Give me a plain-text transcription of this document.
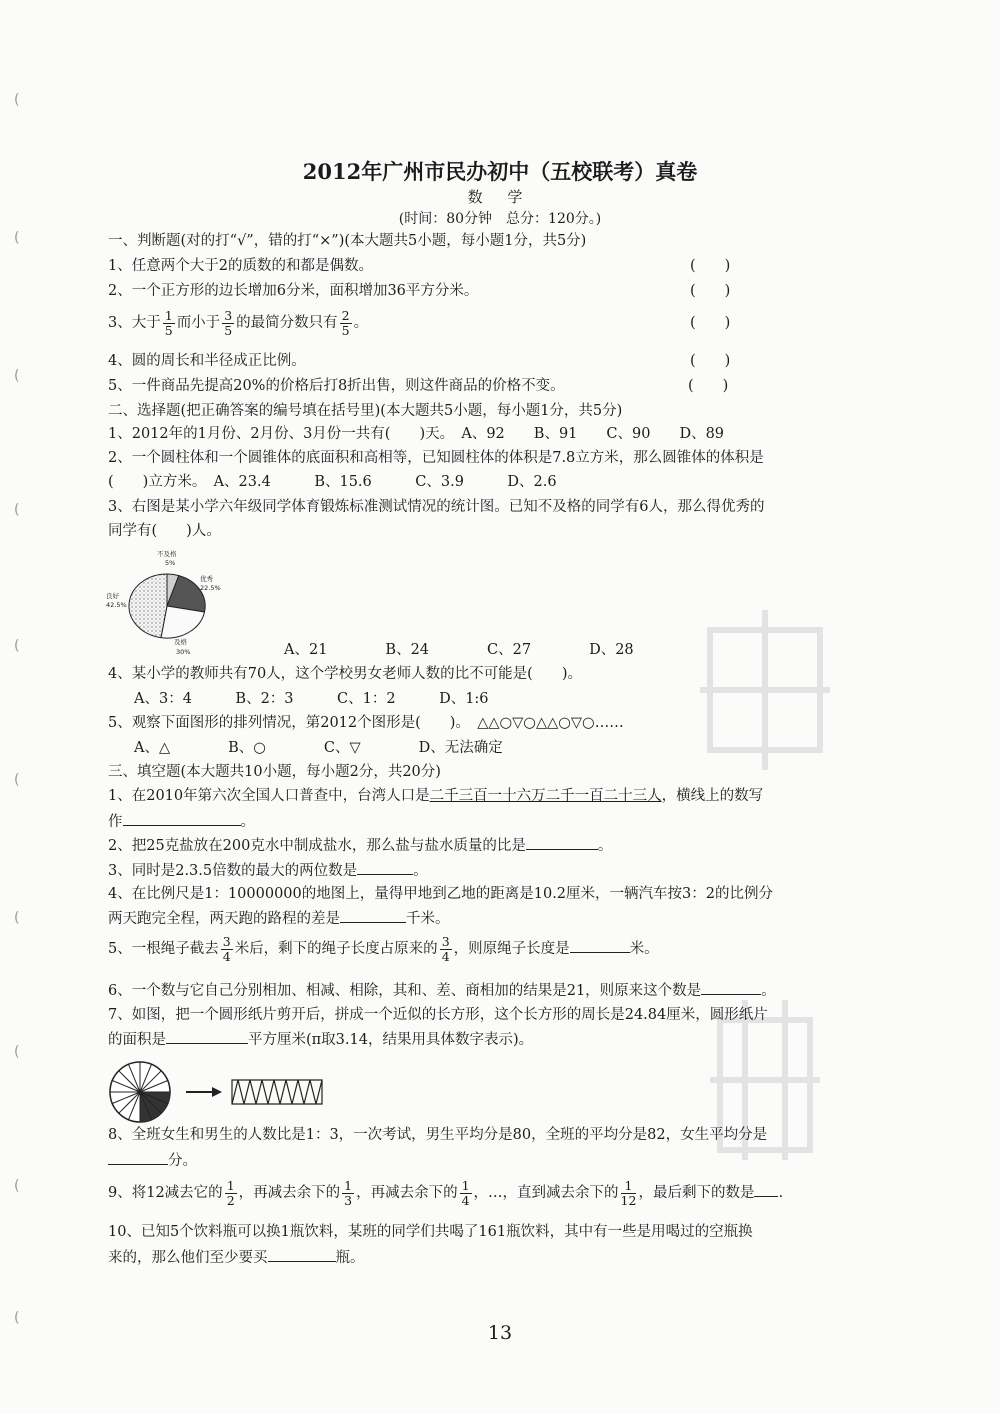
(
(
(
(
(
(
(
(
(
(
2012年广州市民办初中（五校联考）真卷
数 学
(时间：80分钟　总分：120分。)
一、判断题(对的打“√”，错的打“×”)(本大题共5小题，每小题1分，共5分)
1、任意两个大于2的质数的和都是偶数。	(　　)
2、一个正方形的边长增加6分米，面积增加36平方分米。	(　　)
3、大于 $\frac{1}{5}$ 而小于 $\frac{3}{5}$ 的最简分数只有 $\frac{2}{5}$ 。	(　　)
4、圆的周长和半径成正比例。	(　　)
5、一件商品先提高20%的价格后打8折出售，则这件商品的价格不变。	(　　)
二、选择题(把正确答案的编号填在括号里)(本大题共5小题，每小题1分，共5分)
1、2012年的1月份、2月份、3月份一共有(　　)天。　A、92　　B、91　　C、90　　D、89
2、一个圆柱体和一个圆锥体的底面积和高相等，已知圆柱体的体积是7.8立方米，那么圆锥体的体积是
(　　)立方米。　A、23.4　　　B、15.6　　　C、3.9　　　D、2.6
3、右图是某小学六年级同学体育锻炼标准测试情况的统计图。已知不及格的同学有6人，那么得优秀的
同学有(　　)人。
不及格
5%
优秀
22.5%
良好
42.5%
及格
30%	A、21　　　　B、24　　　　C、27　　　　D、28
4、某小学的教师共有70人，这个学校男女老师人数的比不可能是(　　)。
A、3：4　　　B、2：3　　　C、1：2　　　D、1:6
5、观察下面图形的排列情况，第2012个图形是(　　)。　△△○▽○△△○▽○……
A、△　　　　B、○　　　　C、▽　　　　D、无法确定
三、填空题(本大题共10小题，每小题2分，共20分)
1、在2010年第六次全国人口普查中，台湾人口是二千三百一十六万二千一百二十三人，横线上的数写
作	。
2、把25克盐放在200克水中制成盐水，那么盐与盐水质量的比是	。
3、同时是2.3.5倍数的最大的两位数是	。
4、在比例尺是1：10000000的地图上，量得甲地到乙地的距离是10.2厘米，一辆汽车按3：2的比例分
两天跑完全程，两天跑的路程的差是	千米。
5、一根绳子截去 $\frac{3}{4}$ 米后，剩下的绳子长度占原来的 $\frac{3}{4}$ ，则原绳子长度是	米。
6、一个数与它自己分别相加、相减、相除，其和、差、商相加的结果是21，则原来这个数是	。
7、如图，把一个圆形纸片剪开后，拼成一个近似的长方形，这个长方形的周长是24.84厘米，圆形纸片
的面积是	平方厘米(π取3.14，结果用具体数字表示)。
8、全班女生和男生的人数比是1：3，一次考试，男生平均分是80，全班的平均分是82，女生平均分是
分。
9、将12减去它的 $\frac{1}{2}$ ，再减去余下的 $\frac{1}{3}$ ，再减去余下的 $\frac{1}{4}$ ，…，直到减去余下的 $\frac{1}{12}$ ，最后剩下的数是 .
10、已知5个饮料瓶可以换1瓶饮料，某班的同学们共喝了161瓶饮料，其中有一些是用喝过的空瓶换
来的，那么他们至少要买	瓶。
13
